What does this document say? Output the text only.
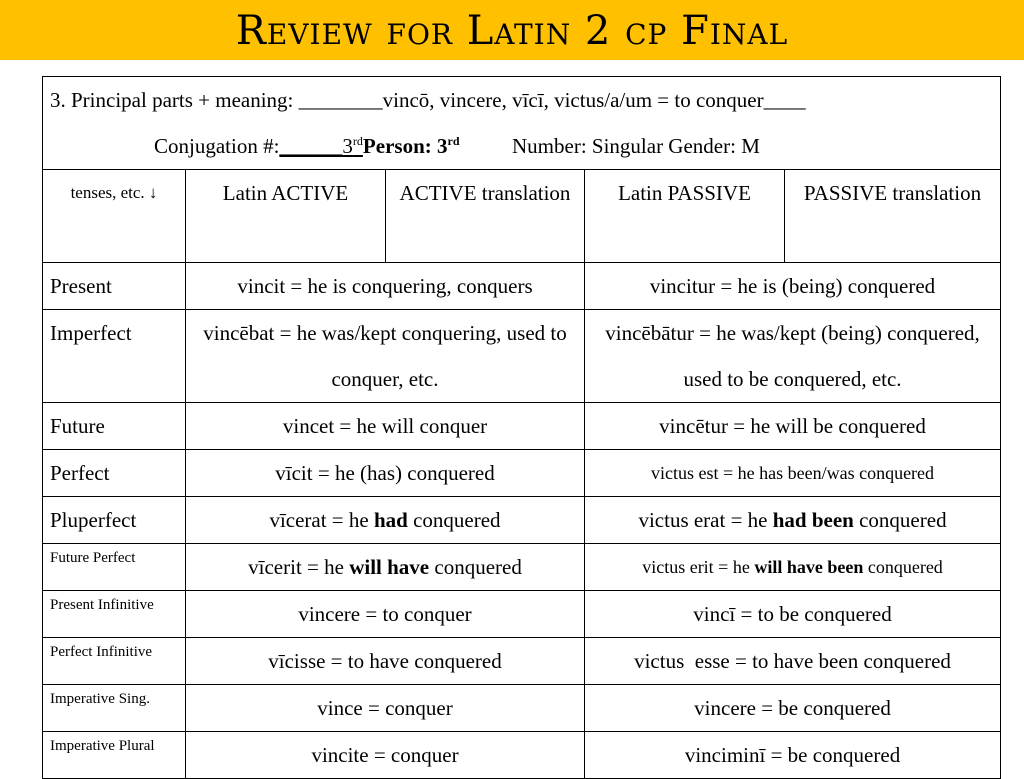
Review for Latin 2 cp Final
3. Principal parts + meaning: ________vincō, vincere, vīcī, victus/a/um = to conquer____
Conjugation #:______3rdPerson: 3rd Number: Singular Gender: M				

tenses, etc. ↓	Latin ACTIVE	ACTIVE translation	Latin PASSIVE	PASSIVE translation
Present	vincit = he is conquering, conquers		vincitur = he is (being) conquered	
Imperfect	vincēbat = he was/kept conquering, used to conquer, etc.		vincēbātur = he was/kept (being) conquered, used to be conquered, etc.	
Future	vincet = he will conquer		vincētur = he will be conquered	
Perfect	vīcit = he (has) conquered		victus est = he has been/was conquered	
Pluperfect	vīcerat = he had conquered		victus erat = he had been conquered	
Future Perfect	vīcerit = he will have conquered		victus erit = he will have been conquered	
Present Infinitive	vincere = to conquer		vincī = to be conquered	
Perfect Infinitive	vīcisse = to have conquered		victus  esse = to have been conquered	
Imperative Sing.	vince = conquer		vincere = be conquered	
Imperative Plural	vincite = conquer		vinciminī = be conquered	
